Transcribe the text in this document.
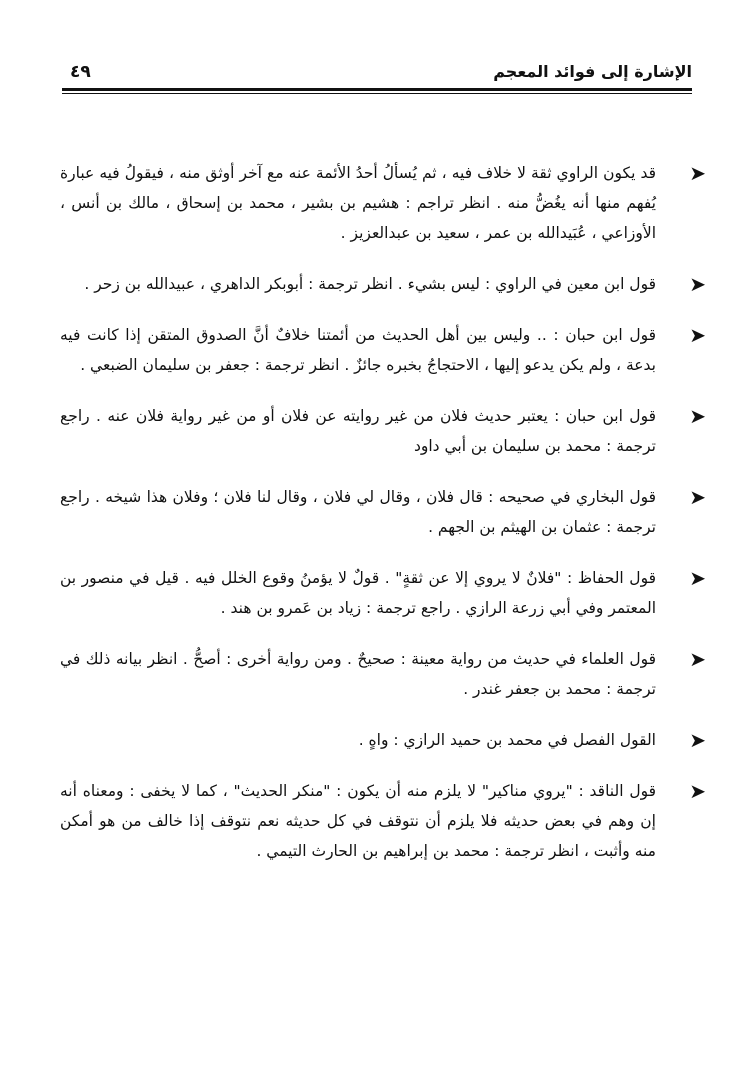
الإشارة إلى فوائد المعجم
٤٩
➤
قد يكون الراوي ثقة لا خلاف فيه ، ثم يُسألُ أحدُ الأئمة عنه مع آخر أوثق منه ، فيقولُ فيه عبارة يُفهم منها أنه يغُضُّ منه . انظر تراجم : هشيم بن بشير ، محمد بن إسحاق ، مالك بن أنس ، الأوزاعي ، عُبَيدالله بن عمر ، سعيد بن عبدالعزيز .
➤
قول ابن معين في الراوي : ليس بشيء . انظر ترجمة : أبوبكر الداهري ، عبيدالله بن زحر .
➤
قول ابن حبان : .. وليس بين أهل الحديث من أئمتنا خلافٌ أنَّ الصدوق المتقن إذا كانت فيه بدعة ، ولم يكن يدعو إليها ، الاحتجاجُ بخبره جائزٌ . انظر ترجمة : جعفر بن سليمان الضبعي .
➤
قول ابن حبان : يعتبر حديث فلان من غير روايته عن فلان أو من غير رواية فلان عنه . راجع ترجمة : محمد بن سليمان بن أبي داود
➤
قول البخاري في صحيحه : قال فلان ، وقال لي فلان ، وقال لنا فلان ؛ وفلان هذا شيخه . راجع ترجمة : عثمان بن الهيثم بن الجهم .
➤
قول الحفاظ : "فلانٌ لا يروي إلا عن ثقةٍ" . قولٌ لا يؤمنُ وقوع الخلل فيه . قيل في منصور بن المعتمر وفي أبي زرعة الرازي . راجع ترجمة : زياد بن عَمرو بن هند .
➤
قول العلماء في حديث من رواية معينة : صحيحٌ . ومن رواية أخرى : أصحُّ . انظر بيانه ذلك في ترجمة : محمد بن جعفر غندر .
➤
القول الفصل في محمد بن حميد الرازي : واهٍ .
➤
قول الناقد : "يروي مناكير" لا يلزم منه أن يكون : "منكر الحديث" ، كما لا يخفى : ومعناه أنه إن وهم في بعض حديثه فلا يلزم أن نتوقف في كل حديثه نعم نتوقف إذا خالف من هو أمكن منه وأثبت ، انظر ترجمة : محمد بن إبراهيم بن الحارث التيمي .
